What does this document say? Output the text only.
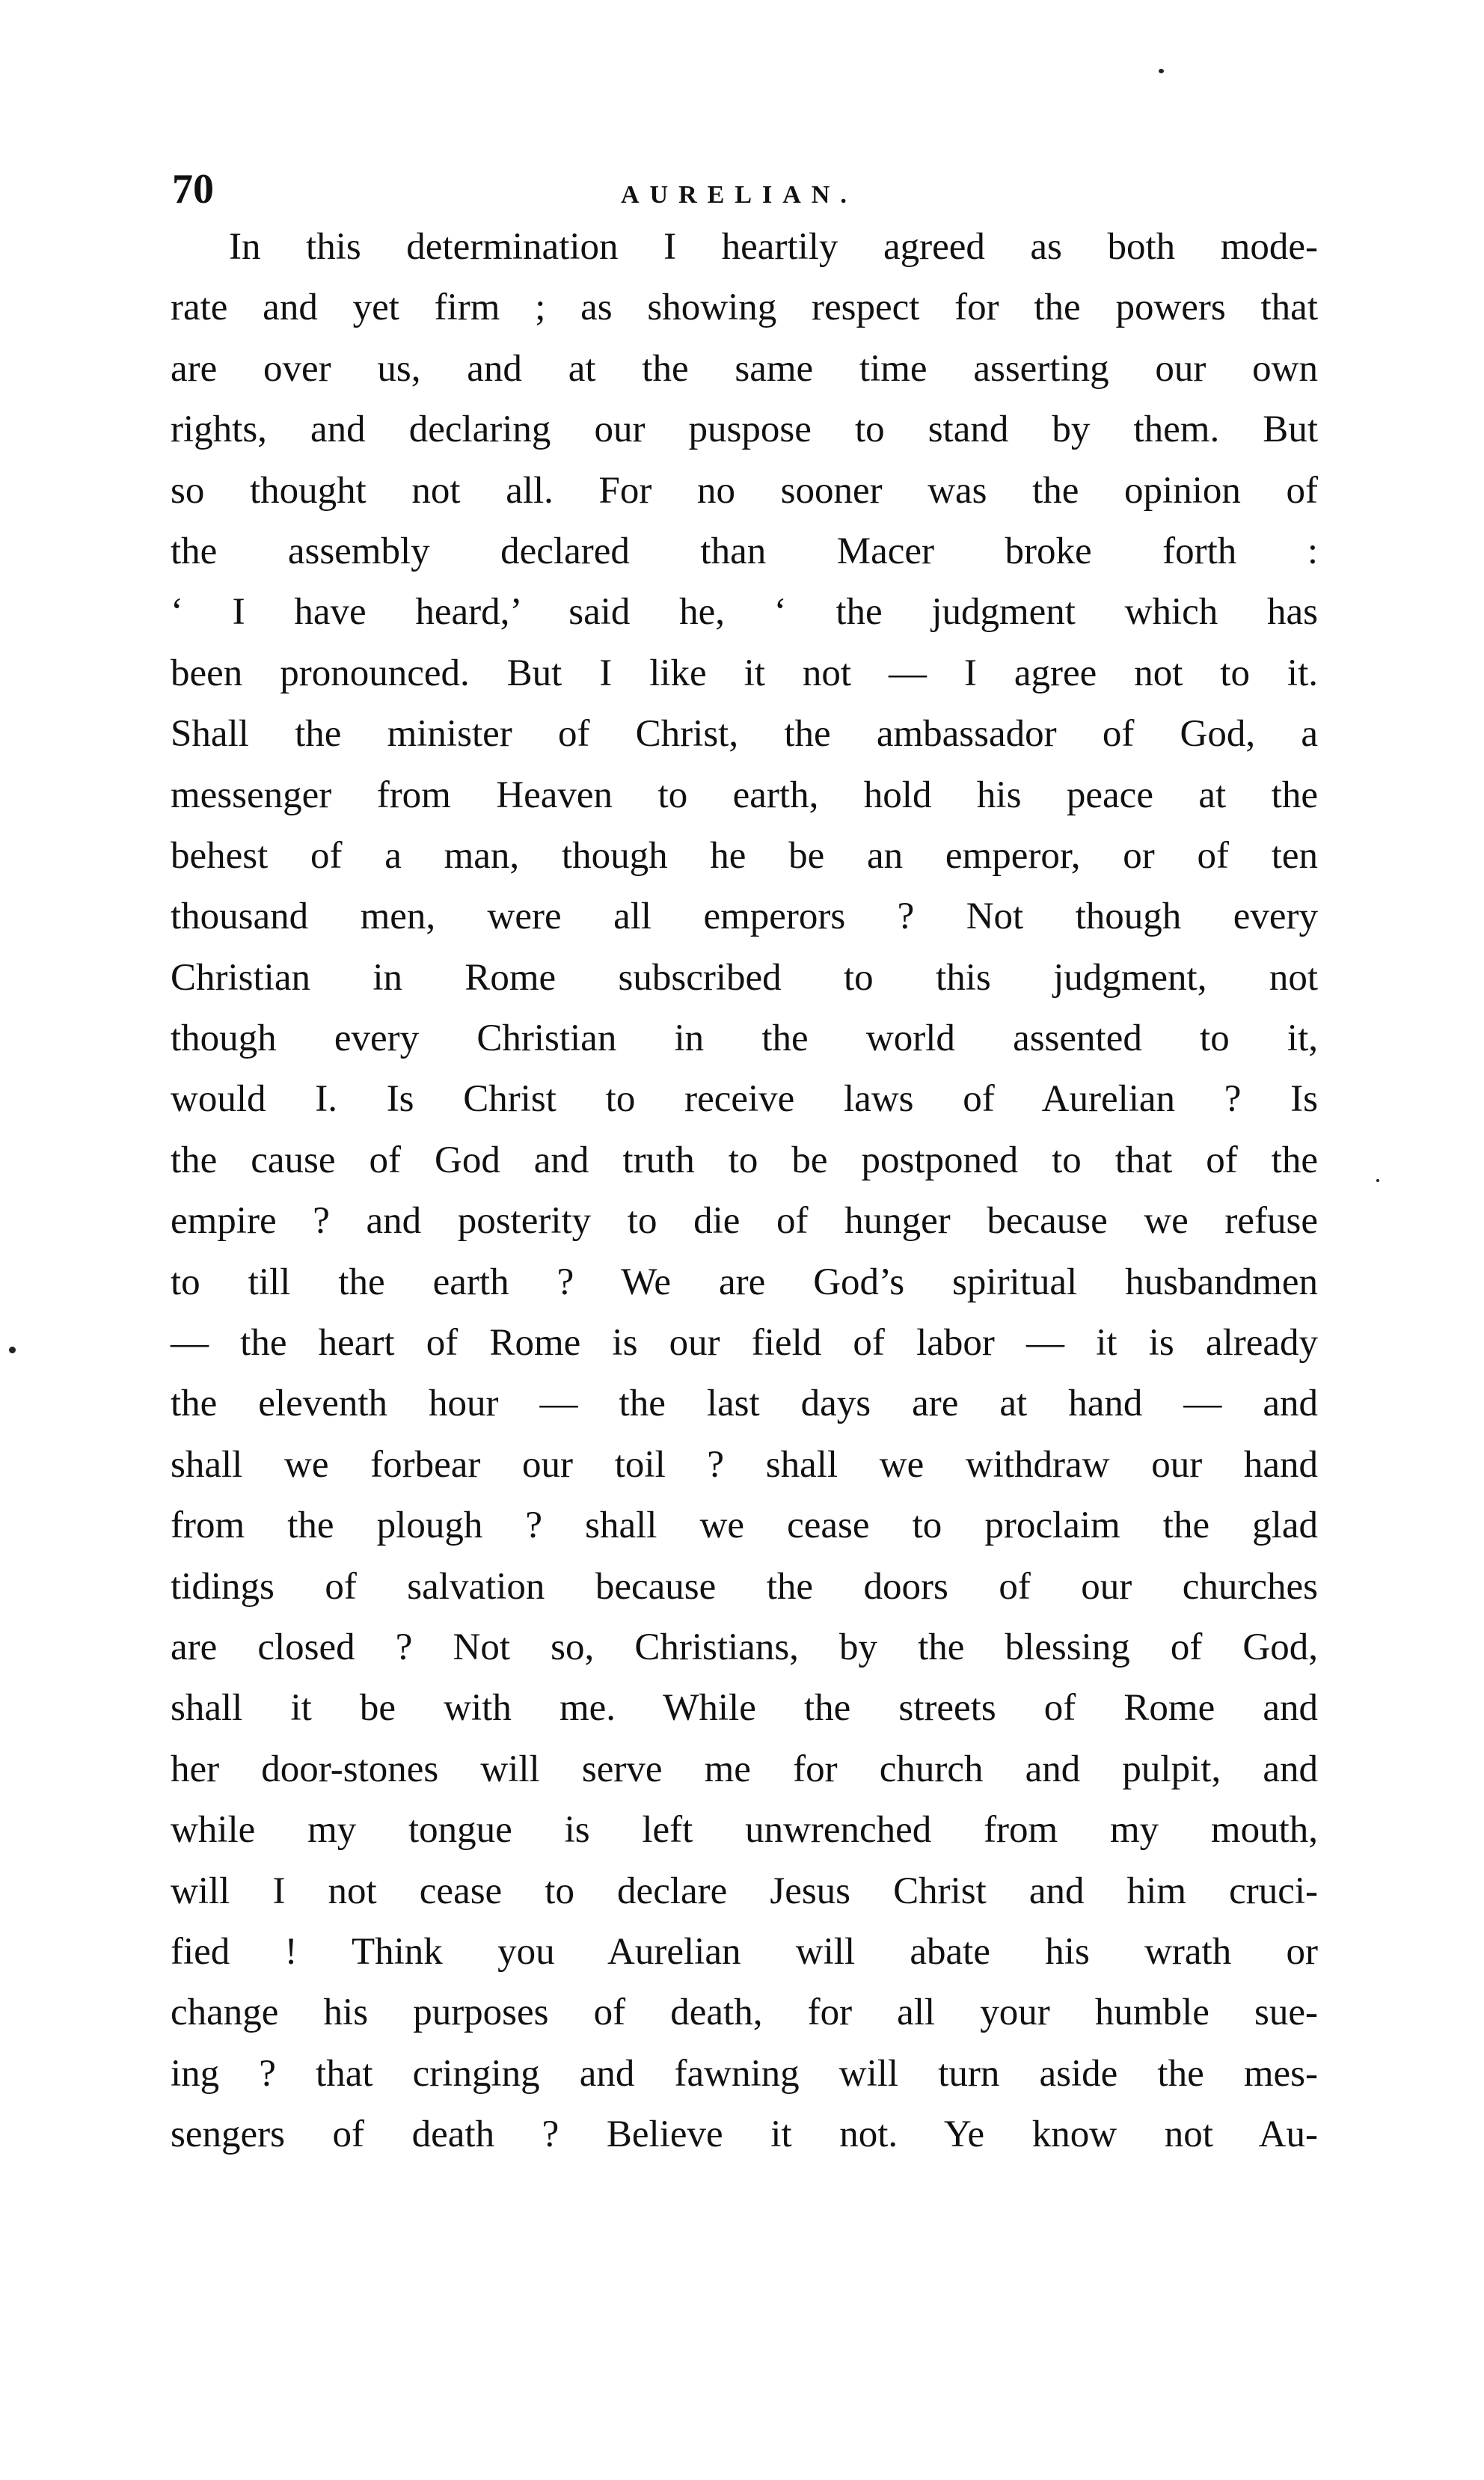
70	AURELIAN.
In this determination I heartily agreed as both mode-
rate and yet firm ; as showing respect for the powers that
are over us, and at the same time asserting our own
rights, and declaring our puspose to stand by them. But
so thought not all. For no sooner was the opinion of
the assembly declared than Macer broke forth :
‘ I have heard,’ said he, ‘ the judgment which has
been pronounced. But I like it not — I agree not to it.
Shall the minister of Christ, the ambassador of God, a
messenger from Heaven to earth, hold his peace at the
behest of a man, though he be an emperor, or of ten
thousand men, were all emperors ? Not though every
Christian in Rome subscribed to this judgment, not
though every Christian in the world assented to it,
would I. Is Christ to receive laws of Aurelian ? Is
the cause of God and truth to be postponed to that of the
empire ? and posterity to die of hunger because we refuse
to till the earth ? We are God’s spiritual husbandmen
— the heart of Rome is our field of labor — it is already
the eleventh hour — the last days are at hand — and
shall we forbear our toil ? shall we withdraw our hand
from the plough ? shall we cease to proclaim the glad
tidings of salvation because the doors of our churches
are closed ? Not so, Christians, by the blessing of God,
shall it be with me. While the streets of Rome and
her door-stones will serve me for church and pulpit, and
while my tongue is left unwrenched from my mouth,
will I not cease to declare Jesus Christ and him cruci-
fied ! Think you Aurelian will abate his wrath or
change his purposes of death, for all your humble sue-
ing ? that cringing and fawning will turn aside the mes-
sengers of death ? Believe it not. Ye know not Au-
